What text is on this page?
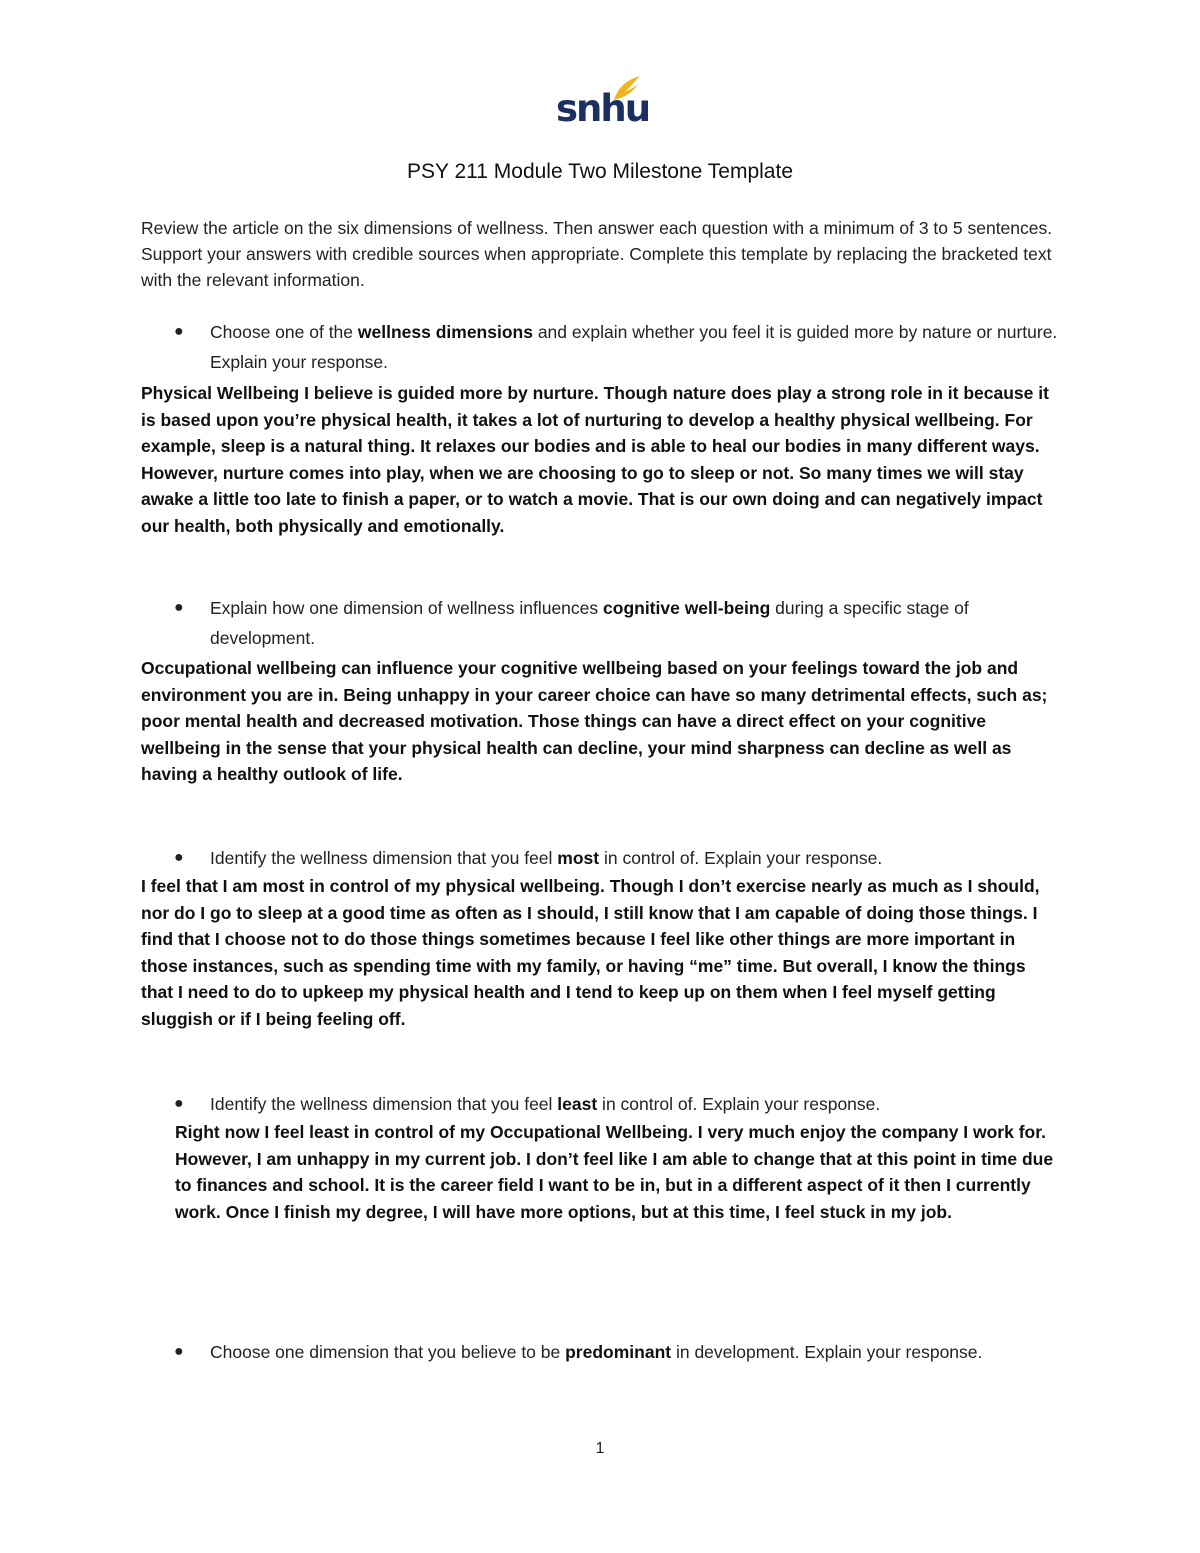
snhu
PSY 211 Module Two Milestone Template
Review the article on the six dimensions of wellness. Then answer each question with a minimum of 3 to 5 sentences. Support your answers with credible sources when appropriate. Complete this template by replacing the bracketed text with the relevant information.
● Choose one of the wellness dimensions and explain whether you feel it is guided more by nature or nurture. Explain your response.
Physical Wellbeing I believe is guided more by nurture. Though nature does play a strong role in it because it is based upon you’re physical health, it takes a lot of nurturing to develop a healthy physical wellbeing. For example, sleep is a natural thing. It relaxes our bodies and is able to heal our bodies in many different ways. However, nurture comes into play, when we are choosing to go to sleep or not. So many times we will stay awake a little too late to finish a paper, or to watch a movie. That is our own doing and can negatively impact our health, both physically and emotionally.
● Explain how one dimension of wellness influences cognitive well-being during a specific stage of development.
Occupational wellbeing can influence your cognitive wellbeing based on your feelings toward the job and environment you are in. Being unhappy in your career choice can have so many detrimental effects, such as; poor mental health and decreased motivation. Those things can have a direct effect on your cognitive wellbeing in the sense that your physical health can decline, your mind sharpness can decline as well as having a healthy outlook of life.
● Identify the wellness dimension that you feel most in control of. Explain your response.
I feel that I am most in control of my physical wellbeing. Though I don’t exercise nearly as much as I should, nor do I go to sleep at a good time as often as I should, I still know that I am capable of doing those things. I find that I choose not to do those things sometimes because I feel like other things are more important in those instances, such as spending time with my family, or having “me” time. But overall, I know the things that I need to do to upkeep my physical health and I tend to keep up on them when I feel myself getting sluggish or if I being feeling off.
● Identify the wellness dimension that you feel least in control of. Explain your response.
Right now I feel least in control of my Occupational Wellbeing. I very much enjoy the company I work for. However, I am unhappy in my current job. I don’t feel like I am able to change that at this point in time due to finances and school. It is the career field I want to be in, but in a different aspect of it then I currently work. Once I finish my degree, I will have more options, but at this time, I feel stuck in my job.
● Choose one dimension that you believe to be predominant in development. Explain your response.
1
